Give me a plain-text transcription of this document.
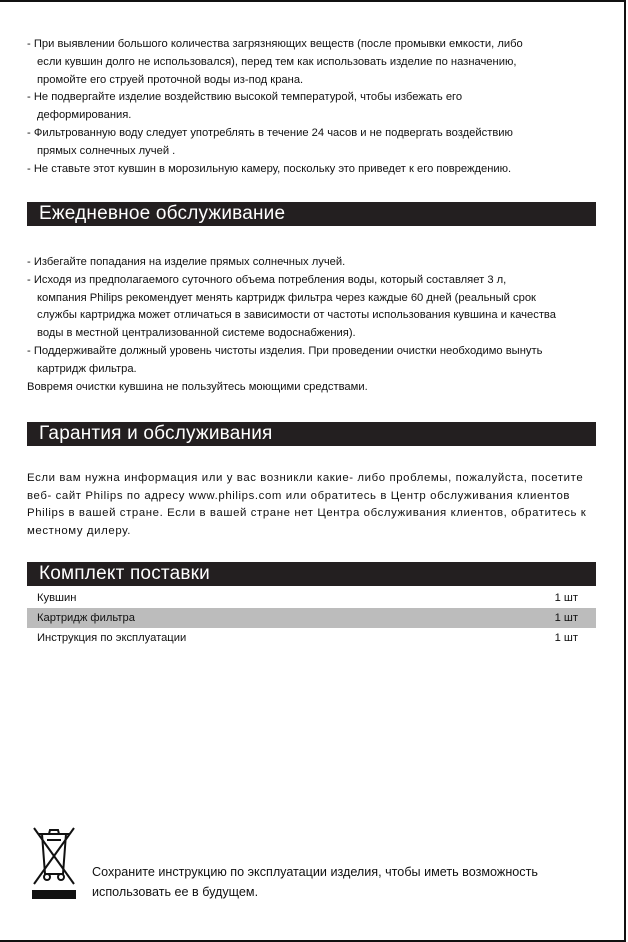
- При выявлении большого количества загрязняющих веществ (после промывки емкости, либо

если кувшин долго не использовался), перед тем как использовать изделие по назначению,

промойте его струей проточной воды из-под крана.

- Не подвергайте изделие воздействию высокой температурой, чтобы избежать его

деформирования.

- Фильтрованную воду следует употреблять в течение 24 часов и не подвергать воздействию

прямых солнечных лучей .

- Не ставьте этот кувшин в морозильную камеру, поскольку это приведет к его повреждению.

Ежедневное обслуживание

- Избегайте попадания на изделие прямых солнечных лучей.

- Исходя из предполагаемого суточного объема потребления воды, который составляет 3 л,

компания Philips рекомендует менять картридж фильтра через каждые 60 дней (реальный срок

службы картриджа может отличаться в зависимости от частоты использования кувшина и качества

воды в местной централизованной системе водоснабжения).

- Поддерживайте должный уровень чистоты изделия. При проведении очистки необходимо вынуть

картридж фильтра.

Вовремя очистки кувшина не пользуйтесь моющими средствами.

Гарантия и обслуживания
Если вам нужна информация или у вас возникли какие- либо проблемы, пожалуйста, посетите веб- сайт Philips по адресу www.philips.com или обратитесь в Центр обслуживания клиентов Philips в вашей стране. Если в вашей стране нет Центра обслуживания клиентов, обратитесь к местному дилеру.
Комплект поставки
Кувшин	1 шт
Картридж фильтра	1 шт
Инструкция по эксплуатации	1 шт
Сохраните инструкцию по эксплуатации изделия, чтобы иметь возможность использовать ее в будущем.
